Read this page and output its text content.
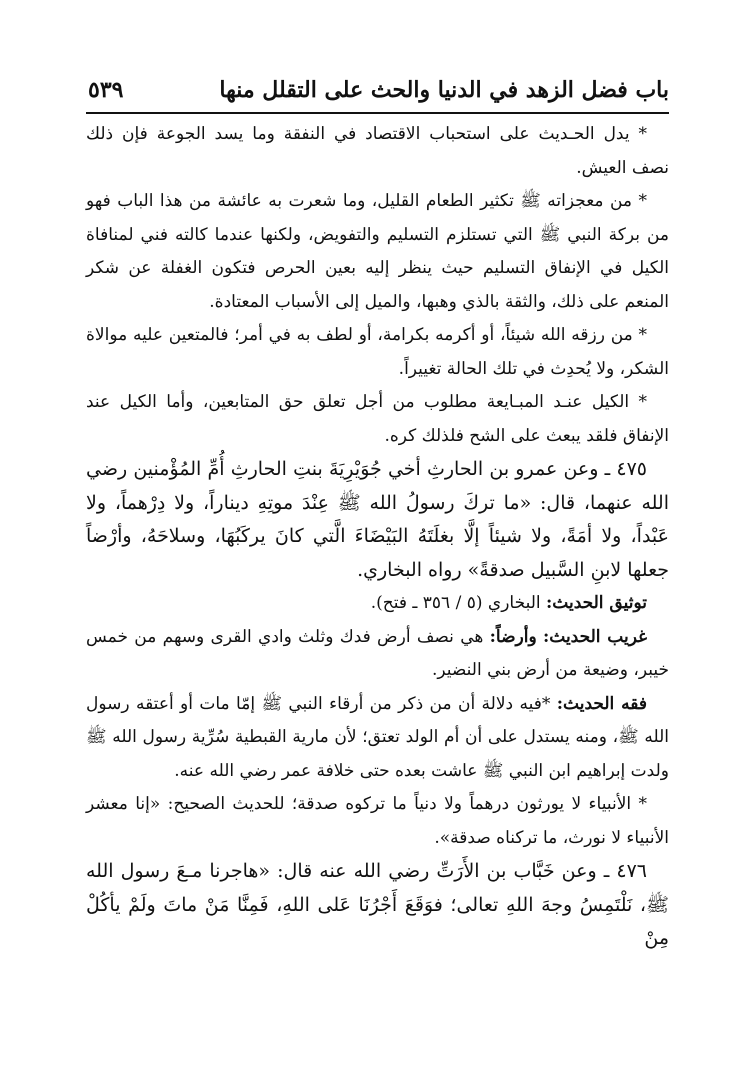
باب فضل الزهد في الدنيا والحث على التقلل منها
٥٣٩

* يدل الحـديث على استحباب الاقتصاد في النفقة وما يسد الجوعة فإن ذلك نصف العيش.

* من معجزاته ﷺ تكثير الطعام القليل، وما شعرت به عائشة من هذا الباب فهو من بركة النبي ﷺ التي تستلزم التسليم والتفويض، ولكنها عندما كالته فني لمنافاة الكيل في الإنفاق التسليم حيث ينظر إليه بعين الحرص فتكون الغفلة عن شكر المنعم على ذلك، والثقة بالذي وهبها، والميل إلى الأسباب المعتادة.

* من رزقه الله شيئاً، أو أكرمه بكرامة، أو لطف به في أمر؛ فالمتعين عليه موالاة الشكر، ولا يُحدِث في تلك الحالة تغييراً.

* الكيل عنـد المبـايعة مطلوب من أجل تعلق حق المتابعين، وأما الكيل عند الإنفاق فلقد يبعث على الشح فلذلك كره.

٤٧٥ ـ وعن عمرو بن الحارثِ أخي جُوَيْرِيَةَ بنتِ الحارثِ أُمِّ المُؤْمنين رضي الله عنهما، قال: «ما تركَ رسولُ الله ﷺ عِنْدَ موتِهِ ديناراً، ولا دِرْهماً، ولا عَبْداً، ولا أمَةً، ولا شيئاً إلَّا بغلَتَهُ البَيْضَاءَ الَّتي كانَ يركَبُهَا، وسلاحَهُ، وأرْضاً جعلها لابنِ السَّبيل صدقةً» رواه البخاري.

توثيق الحديث: البخاري (٥ / ٣٥٦ ـ فتح).

غريب الحديث: وأرضاً: هي نصف أرض فدك وثلث وادي القرى وسهم من خمس خيبر، وضيعة من أرض بني النضير.

فقه الحديث: *فيه دلالة أن من ذكر من أرقاء النبي ﷺ إمّا مات أو أعتقه رسول الله ﷺ، ومنه يستدل على أن أم الولد تعتق؛ لأن مارية القبطية سُرِّية رسول الله ﷺ ولدت إبراهيم ابن النبي ﷺ عاشت بعده حتى خلافة عمر رضي الله عنه.

* الأنبياء لا يورثون درهماً ولا دنياً ما تركوه صدقة؛ للحديث الصحيح: «إنا معشر الأنبياء لا نورث، ما تركناه صدقة».

٤٧٦ ـ وعن خَبَّاب بن الأَرَتِّ رضي الله عنه قال: «هاجرنا مـعَ رسول الله ﷺ، نَلْتَمِسُ وجهَ اللهِ تعالى؛ فوَقَعَ أَجْرُنَا عَلى اللهِ، فَمِنَّا مَنْ ماتَ ولَمْ يأكُلْ مِنْ
